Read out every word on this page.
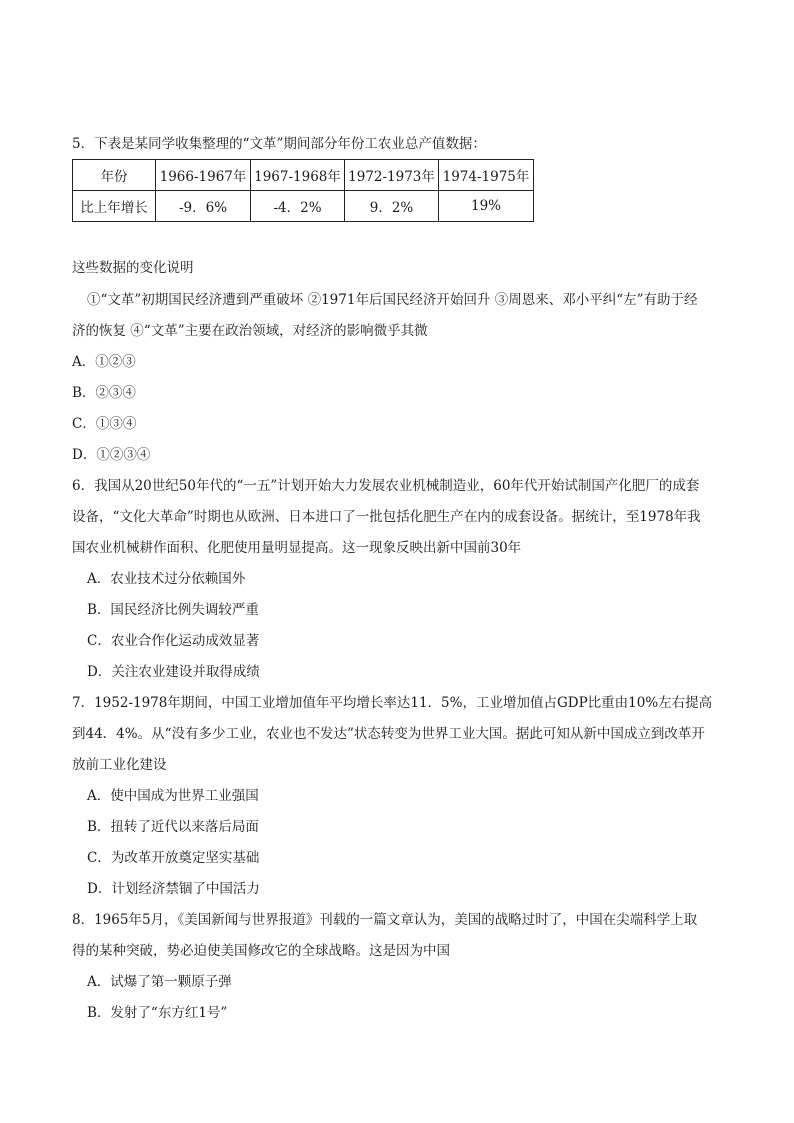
5．下表是某同学收集整理的“文革”期间部分年份工农业总产值数据：
年份	1966-1967年	1967-1968年	1972-1973年	1974-1975年
比上年增长	-9．6%	-4．2%	9．2%	19%
这些数据的变化说明
①“文革”初期国民经济遭到严重破坏 ②1971年后国民经济开始回升 ③周恩来、邓小平纠“左”有助于经
济的恢复 ④“文革”主要在政治领域，对经济的影响微乎其微
A．①②③
B．②③④
C．①③④
D．①②③④
6．我国从20世纪50年代的“一五”计划开始大力发展农业机械制造业，60年代开始试制国产化肥厂的成套
设备，“文化大革命”时期也从欧洲、日本进口了一批包括化肥生产在内的成套设备。据统计，至1978年我
国农业机械耕作面积、化肥使用量明显提高。这一现象反映出新中国前30年
A．农业技术过分依赖国外
B．国民经济比例失调较严重
C．农业合作化运动成效显著
D．关注农业建设并取得成绩
7．1952-1978年期间，中国工业增加值年平均增长率达11．5%，工业增加值占GDP比重由10%左右提高
到44．4%。从“没有多少工业，农业也不发达”状态转变为世界工业大国。据此可知从新中国成立到改革开
放前工业化建设
A．使中国成为世界工业强国
B．扭转了近代以来落后局面
C．为改革开放奠定坚实基础
D．计划经济禁锢了中国活力
8．1965年5月，《美国新闻与世界报道》刊载的一篇文章认为，美国的战略过时了，中国在尖端科学上取
得的某种突破，势必迫使美国修改它的全球战略。这是因为中国
A．试爆了第一颗原子弹
B．发射了“东方红1号”
